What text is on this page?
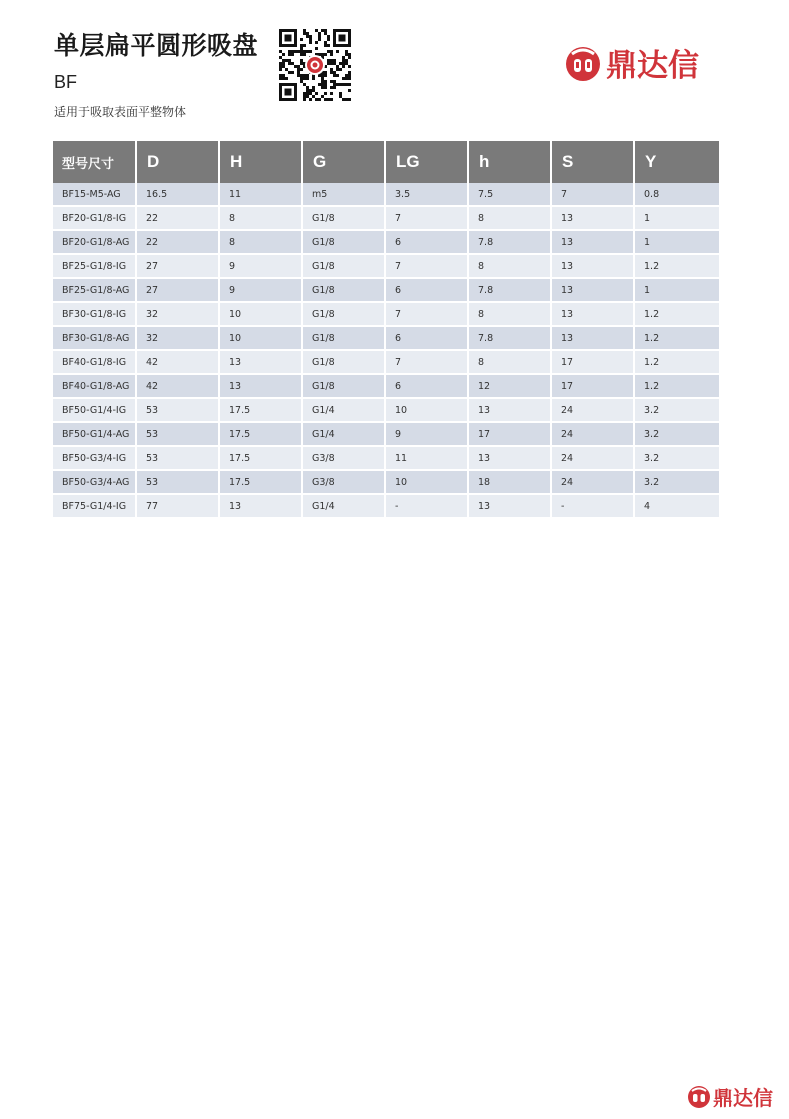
单层扁平圆形吸盘
BF
适用于吸取表面平整物体
鼎达信
型号尺寸	D	H	G	LG	h	S	Y
BF15-M5-AG	16.5	11	m5	3.5	7.5	7	0.8
BF20-G1/8-IG	22	8	G1/8	7	8	13	1
BF20-G1/8-AG	22	8	G1/8	6	7.8	13	1
BF25-G1/8-IG	27	9	G1/8	7	8	13	1.2
BF25-G1/8-AG	27	9	G1/8	6	7.8	13	1
BF30-G1/8-IG	32	10	G1/8	7	8	13	1.2
BF30-G1/8-AG	32	10	G1/8	6	7.8	13	1.2
BF40-G1/8-IG	42	13	G1/8	7	8	17	1.2
BF40-G1/8-AG	42	13	G1/8	6	12	17	1.2
BF50-G1/4-IG	53	17.5	G1/4	10	13	24	3.2
BF50-G1/4-AG	53	17.5	G1/4	9	17	24	3.2
BF50-G3/4-IG	53	17.5	G3/8	11	13	24	3.2
BF50-G3/4-AG	53	17.5	G3/8	10	18	24	3.2
BF75-G1/4-IG	77	13	G1/4	-	13	-	4
鼎达信
